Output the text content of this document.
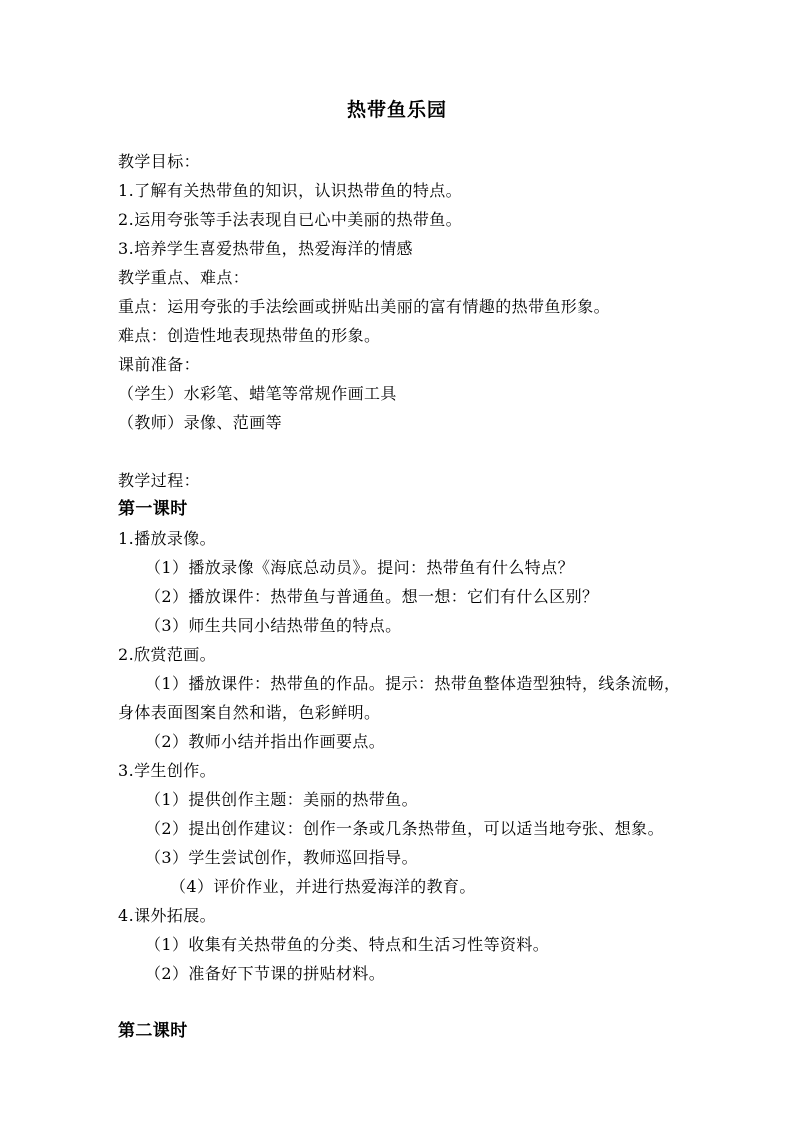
热带鱼乐园
教学目标：
1.了解有关热带鱼的知识，认识热带鱼的特点。
2.运用夸张等手法表现自已心中美丽的热带鱼。
3.培养学生喜爱热带鱼，热爱海洋的情感
教学重点、难点：
重点：运用夸张的手法绘画或拼贴出美丽的富有情趣的热带鱼形象。
难点：创造性地表现热带鱼的形象。
课前准备：
（学生）水彩笔、蜡笔等常规作画工具
（教师）录像、范画等
教学过程：
第一课时
1.播放录像。
（1）播放录像《海底总动员》。提问：热带鱼有什么特点？
（2）播放课件：热带鱼与普通鱼。想一想：它们有什么区别？
（3）师生共同小结热带鱼的特点。
2.欣赏范画。
（1）播放课件：热带鱼的作品。提示：热带鱼整体造型独特，线条流畅，身体表面图案自然和谐，色彩鲜明。
（2）教师小结并指出作画要点。
3.学生创作。
（1）提供创作主题：美丽的热带鱼。
（2）提出创作建议：创作一条或几条热带鱼，可以适当地夸张、想象。
（3）学生尝试创作，教师巡回指导。
（4）评价作业，并进行热爱海洋的教育。
4.课外拓展。
（1）收集有关热带鱼的分类、特点和生活习性等资料。
（2）准备好下节课的拼贴材料。
第二课时
